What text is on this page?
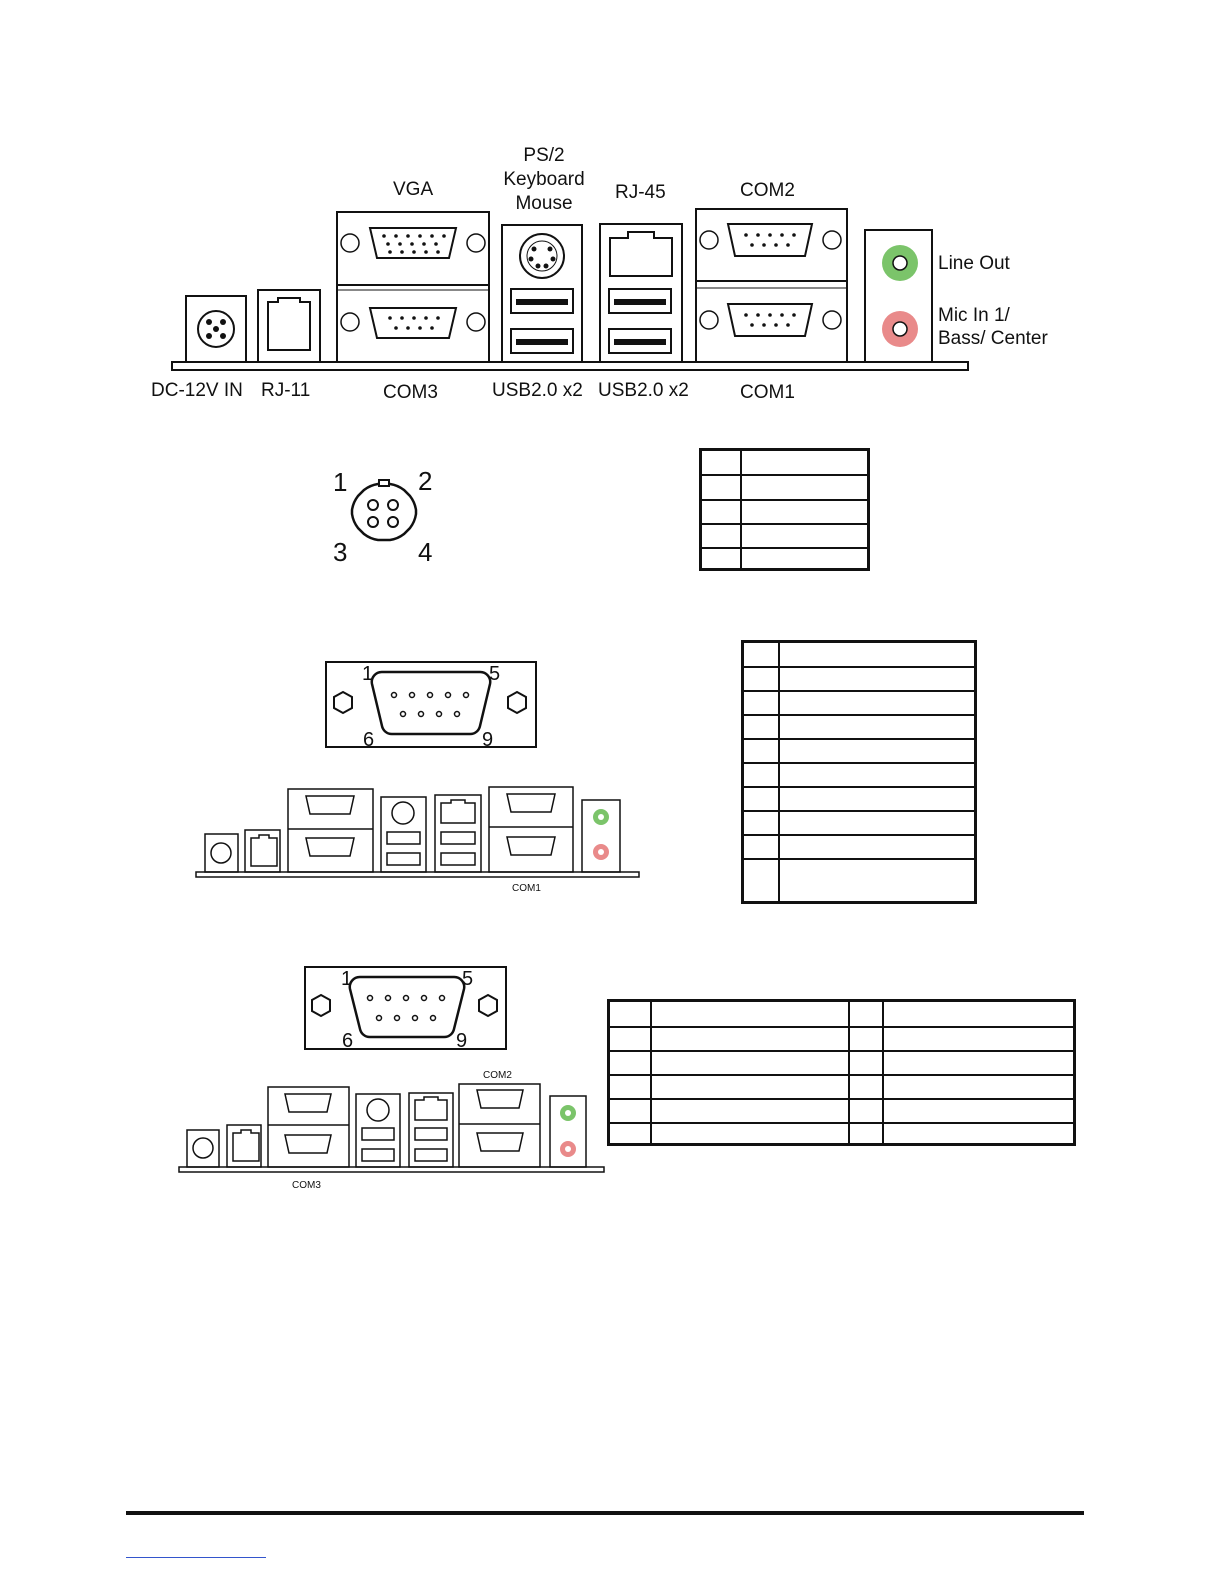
VGA
PS/2
Keyboard
Mouse
RJ-45	COM2
Line Out
Mic In 1/
Bass/ Center
DC-12V IN RJ-11	COM3	USB2.0 x2 USB2.0 x2	COM1
1	2
3	4

1	5
6	9
COM1

1	5
6	9
COM2
COM3
